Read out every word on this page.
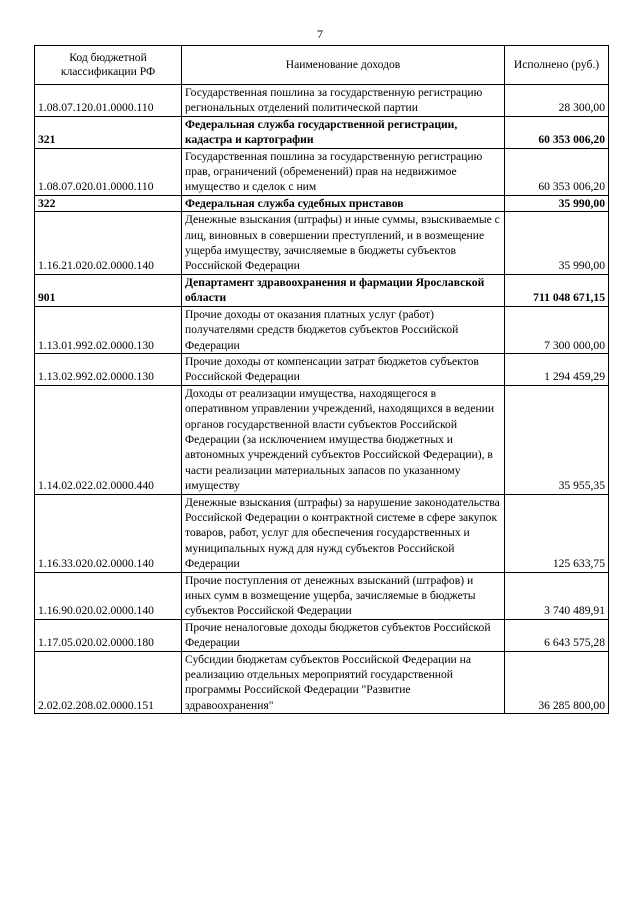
7
Код бюджетной классификации РФ	Наименование доходов	Исполнено (руб.)
1.08.07.120.01.0000.110	Государственная пошлина за государственную регистрацию региональных отделений политической партии	28 300,00
321	Федеральная служба государственной регистрации, кадастра и картографии	60 353 006,20
1.08.07.020.01.0000.110	Государственная пошлина за государственную регистрацию прав, ограничений (обременений) прав на недвижимое имущество и сделок с ним	60 353 006,20
322	Федеральная служба судебных приставов	35 990,00
1.16.21.020.02.0000.140	Денежные взыскания (штрафы) и иные суммы, взыскиваемые с лиц, виновных в совершении преступлений, и в возмещение ущерба имуществу, зачисляемые в бюджеты субъектов Российской Федерации	35 990,00
901	Департамент здравоохранения и фармации Ярославской области	711 048 671,15
1.13.01.992.02.0000.130	Прочие доходы от оказания платных услуг (работ) получателями средств бюджетов субъектов Российской Федерации	7 300 000,00
1.13.02.992.02.0000.130	Прочие доходы от компенсации затрат бюджетов субъектов Российской Федерации	1 294 459,29
1.14.02.022.02.0000.440	Доходы от реализации имущества, находящегося в оперативном управлении учреждений, находящихся в ведении органов государственной власти субъектов Российской Федерации (за исключением имущества бюджетных и автономных учреждений субъектов Российской Федерации), в части реализации материальных запасов по указанному имуществу	35 955,35
1.16.33.020.02.0000.140	Денежные взыскания (штрафы) за нарушение законодательства Российской Федерации о контрактной системе в сфере закупок товаров, работ, услуг для обеспечения государственных и муниципальных нужд для нужд субъектов Российской Федерации	125 633,75
1.16.90.020.02.0000.140	Прочие поступления от денежных взысканий (штрафов) и иных сумм в возмещение ущерба, зачисляемые в бюджеты субъектов Российской Федерации	3 740 489,91
1.17.05.020.02.0000.180	Прочие неналоговые доходы бюджетов субъектов Российской Федерации	6 643 575,28
2.02.02.208.02.0000.151	Субсидии бюджетам субъектов Российской Федерации на реализацию отдельных мероприятий государственной программы Российской Федерации "Развитие здравоохранения"	36 285 800,00
